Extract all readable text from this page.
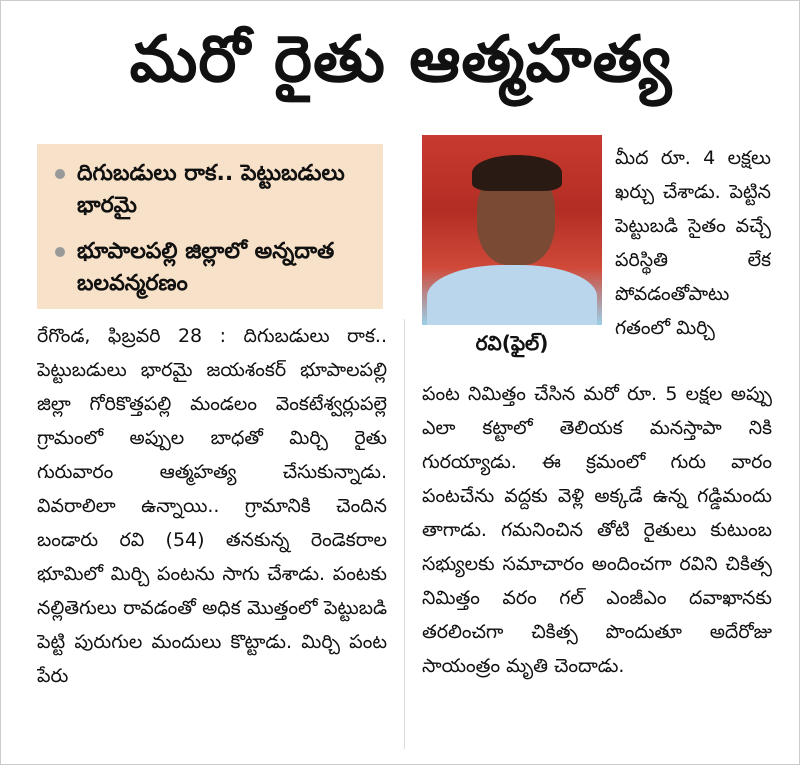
మరో రైతు ఆత్మహత్య
దిగుబడులు రాక.. పెట్టుబడులు భారమై
భూపాలపల్లి జిల్లాలో అన్నదాత బలవన్మరణం
రవి(ఫైల్)
మీద రూ. 4 లక్షలు ఖర్చు చేశాడు. పెట్టిన పెట్టుబడి సైతం వచ్చే పరిస్థితి లేక పోవడంతోపాటు గతంలో మిర్చి
రేగొండ, ఫిబ్రవరి 28 : దిగుబడులు రాక.. పెట్టుబడులు భారమై జయశంకర్ భూపాలపల్లి జిల్లా గోరికొత్తపల్లి మండలం వెంకటేశ్వర్లుపల్లె గ్రామంలో అప్పుల బాధతో మిర్చి రైతు గురువారం ఆత్మహత్య చేసుకున్నాడు. వివరాలిలా ఉన్నాయి.. గ్రామానికి చెందిన బండారు రవి (54) తనకున్న రెండెకరాల భూమిలో మిర్చి పంటను సాగు చేశాడు. పంటకు నల్లితెగులు రావడంతో అధిక మొత్తంలో పెట్టుబడి పెట్టి పురుగుల మందులు కొట్టాడు. మిర్చి పంట పేరు
పంట నిమిత్తం చేసిన మరో రూ. 5 లక్షల అప్పు ఎలా కట్టాలో తెలియక మనస్తాపా నికి గురయ్యాడు. ఈ క్రమంలో గురు వారం పంటచేను వద్దకు వెళ్లి అక్కడే ఉన్న గడ్డిమందు తాగాడు. గమనించిన తోటి రైతులు కుటుంబ సభ్యులకు సమాచారం అందించగా రవిని చికిత్స నిమిత్తం వరం గల్ ఎంజీఎం దవాఖానకు తరలించగా చికిత్స పొందుతూ అదేరోజు సాయంత్రం మృతి చెందాడు.
